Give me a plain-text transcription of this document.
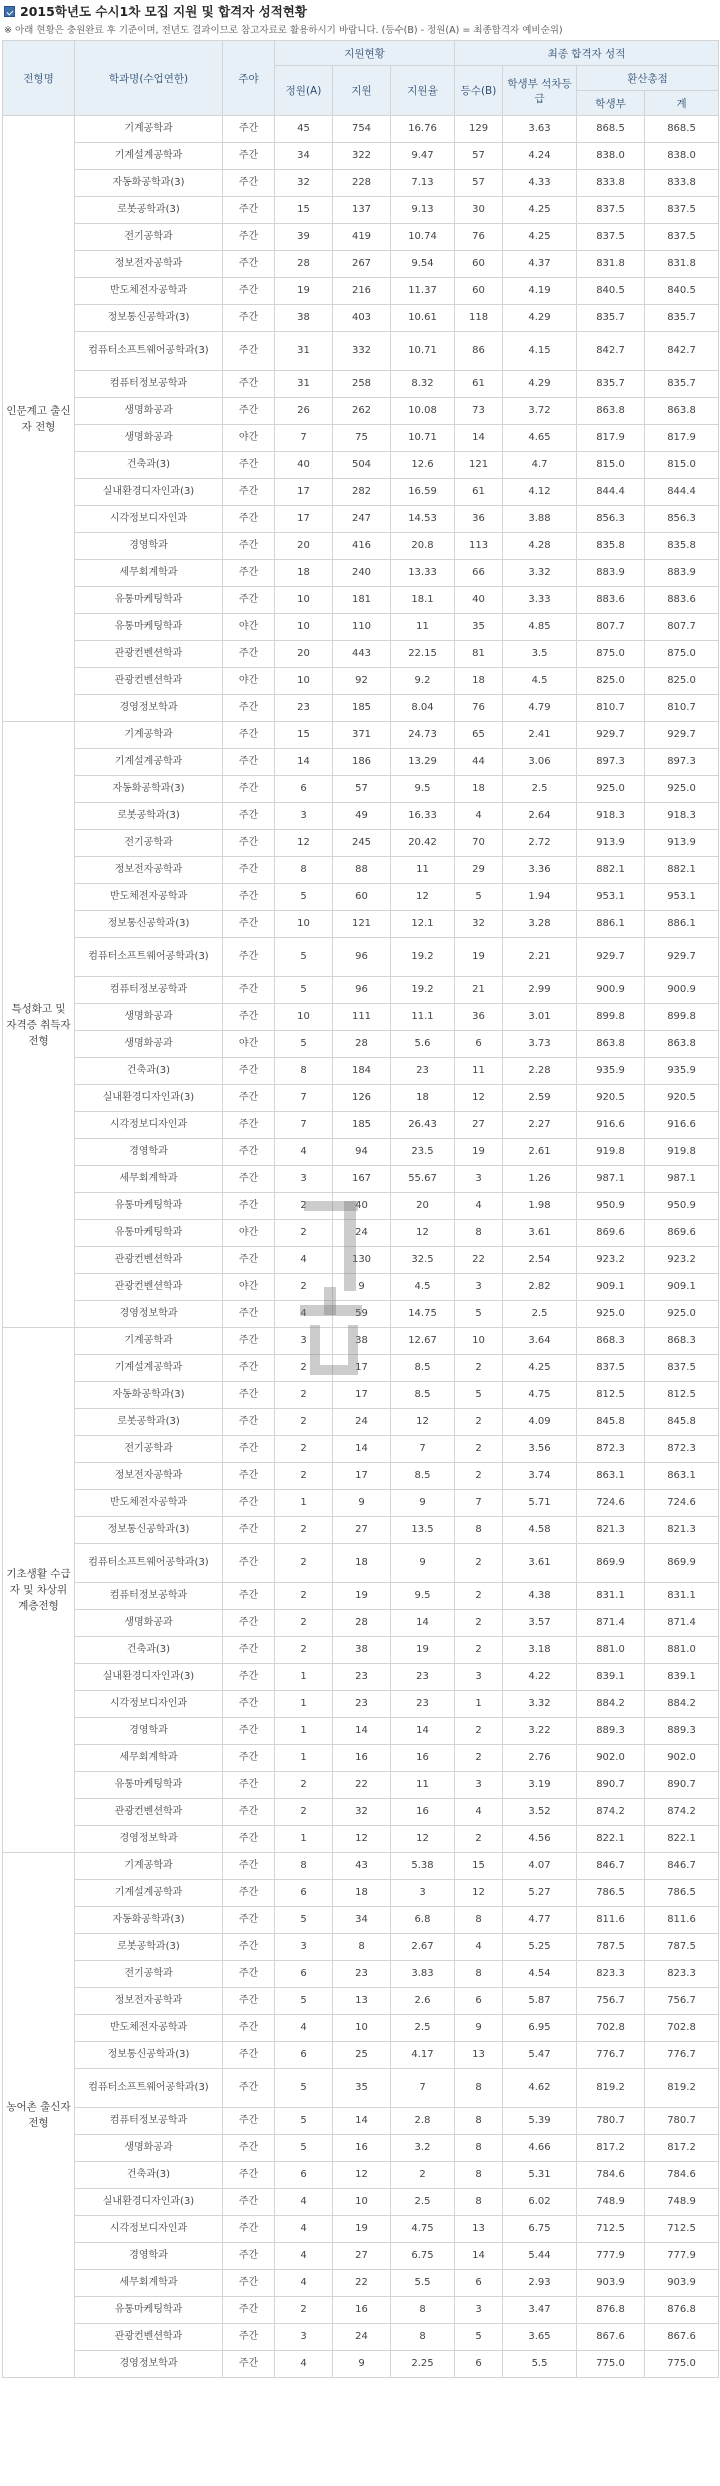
2015학년도 수시1차 모집 지원 및 합격자 성적현황
※ 아래 현황은 충원완료 후 기준이며, 전년도 결과이므로 참고자료로 활용하시기 바랍니다. (등수(B) - 정원(A) = 최종합격자 예비순위)
전형명	학과명(수업연한)	주야	지원현황			최종 합격자 성적			
			정원(A)	지원	지원율	등수(B)	학생부 석차등급	환산총점	
								학생부	계
인문계고 출신자 전형	기계공학과	주간	45	754	16.76	129	3.63	868.5	868.5
	기계설계공학과	주간	34	322	9.47	57	4.24	838.0	838.0
	자동화공학과(3)	주간	32	228	7.13	57	4.33	833.8	833.8
	로봇공학과(3)	주간	15	137	9.13	30	4.25	837.5	837.5
	전기공학과	주간	39	419	10.74	76	4.25	837.5	837.5
	정보전자공학과	주간	28	267	9.54	60	4.37	831.8	831.8
	반도체전자공학과	주간	19	216	11.37	60	4.19	840.5	840.5
	정보통신공학과(3)	주간	38	403	10.61	118	4.29	835.7	835.7
	컴퓨터소프트웨어공학과(3)	주간	31	332	10.71	86	4.15	842.7	842.7
	컴퓨터정보공학과	주간	31	258	8.32	61	4.29	835.7	835.7
	생명화공과	주간	26	262	10.08	73	3.72	863.8	863.8
	생명화공과	야간	7	75	10.71	14	4.65	817.9	817.9
	건축과(3)	주간	40	504	12.6	121	4.7	815.0	815.0
	실내환경디자인과(3)	주간	17	282	16.59	61	4.12	844.4	844.4
	시각정보디자인과	주간	17	247	14.53	36	3.88	856.3	856.3
	경영학과	주간	20	416	20.8	113	4.28	835.8	835.8
	세무회계학과	주간	18	240	13.33	66	3.32	883.9	883.9
	유통마케팅학과	주간	10	181	18.1	40	3.33	883.6	883.6
	유통마케팅학과	야간	10	110	11	35	4.85	807.7	807.7
	관광컨벤션학과	주간	20	443	22.15	81	3.5	875.0	875.0
	관광컨벤션학과	야간	10	92	9.2	18	4.5	825.0	825.0
	경영정보학과	주간	23	185	8.04	76	4.79	810.7	810.7
특성화고 및 자격증 취득자전형	기계공학과	주간	15	371	24.73	65	2.41	929.7	929.7
	기계설계공학과	주간	14	186	13.29	44	3.06	897.3	897.3
	자동화공학과(3)	주간	6	57	9.5	18	2.5	925.0	925.0
	로봇공학과(3)	주간	3	49	16.33	4	2.64	918.3	918.3
	전기공학과	주간	12	245	20.42	70	2.72	913.9	913.9
	정보전자공학과	주간	8	88	11	29	3.36	882.1	882.1
	반도체전자공학과	주간	5	60	12	5	1.94	953.1	953.1
	정보통신공학과(3)	주간	10	121	12.1	32	3.28	886.1	886.1
	컴퓨터소프트웨어공학과(3)	주간	5	96	19.2	19	2.21	929.7	929.7
	컴퓨터정보공학과	주간	5	96	19.2	21	2.99	900.9	900.9
	생명화공과	주간	10	111	11.1	36	3.01	899.8	899.8
	생명화공과	야간	5	28	5.6	6	3.73	863.8	863.8
	건축과(3)	주간	8	184	23	11	2.28	935.9	935.9
	실내환경디자인과(3)	주간	7	126	18	12	2.59	920.5	920.5
	시각정보디자인과	주간	7	185	26.43	27	2.27	916.6	916.6
	경영학과	주간	4	94	23.5	19	2.61	919.8	919.8
	세무회계학과	주간	3	167	55.67	3	1.26	987.1	987.1
	유통마케팅학과	주간	2	40	20	4	1.98	950.9	950.9
	유통마케팅학과	야간	2	24	12	8	3.61	869.6	869.6
	관광컨벤션학과	주간	4	130	32.5	22	2.54	923.2	923.2
	관광컨벤션학과	야간	2	9	4.5	3	2.82	909.1	909.1
	경영정보학과	주간	4	59	14.75	5	2.5	925.0	925.0
기초생활 수급자 및 차상위 계층전형	기계공학과	주간	3	38	12.67	10	3.64	868.3	868.3
	기계설계공학과	주간	2	17	8.5	2	4.25	837.5	837.5
	자동화공학과(3)	주간	2	17	8.5	5	4.75	812.5	812.5
	로봇공학과(3)	주간	2	24	12	2	4.09	845.8	845.8
	전기공학과	주간	2	14	7	2	3.56	872.3	872.3
	정보전자공학과	주간	2	17	8.5	2	3.74	863.1	863.1
	반도체전자공학과	주간	1	9	9	7	5.71	724.6	724.6
	정보통신공학과(3)	주간	2	27	13.5	8	4.58	821.3	821.3
	컴퓨터소프트웨어공학과(3)	주간	2	18	9	2	3.61	869.9	869.9
	컴퓨터정보공학과	주간	2	19	9.5	2	4.38	831.1	831.1
	생명화공과	주간	2	28	14	2	3.57	871.4	871.4
	건축과(3)	주간	2	38	19	2	3.18	881.0	881.0
	실내환경디자인과(3)	주간	1	23	23	3	4.22	839.1	839.1
	시각정보디자인과	주간	1	23	23	1	3.32	884.2	884.2
	경영학과	주간	1	14	14	2	3.22	889.3	889.3
	세무회계학과	주간	1	16	16	2	2.76	902.0	902.0
	유통마케팅학과	주간	2	22	11	3	3.19	890.7	890.7
	관광컨벤션학과	주간	2	32	16	4	3.52	874.2	874.2
	경영정보학과	주간	1	12	12	2	4.56	822.1	822.1
농어촌 출신자 전형	기계공학과	주간	8	43	5.38	15	4.07	846.7	846.7
	기계설계공학과	주간	6	18	3	12	5.27	786.5	786.5
	자동화공학과(3)	주간	5	34	6.8	8	4.77	811.6	811.6
	로봇공학과(3)	주간	3	8	2.67	4	5.25	787.5	787.5
	전기공학과	주간	6	23	3.83	8	4.54	823.3	823.3
	정보전자공학과	주간	5	13	2.6	6	5.87	756.7	756.7
	반도체전자공학과	주간	4	10	2.5	9	6.95	702.8	702.8
	정보통신공학과(3)	주간	6	25	4.17	13	5.47	776.7	776.7
	컴퓨터소프트웨어공학과(3)	주간	5	35	7	8	4.62	819.2	819.2
	컴퓨터정보공학과	주간	5	14	2.8	8	5.39	780.7	780.7
	생명화공과	주간	5	16	3.2	8	4.66	817.2	817.2
	건축과(3)	주간	6	12	2	8	5.31	784.6	784.6
	실내환경디자인과(3)	주간	4	10	2.5	8	6.02	748.9	748.9
	시각정보디자인과	주간	4	19	4.75	13	6.75	712.5	712.5
	경영학과	주간	4	27	6.75	14	5.44	777.9	777.9
	세무회계학과	주간	4	22	5.5	6	2.93	903.9	903.9
	유통마케팅학과	주간	2	16	8	3	3.47	876.8	876.8
	관광컨벤션학과	주간	3	24	8	5	3.65	867.6	867.6
	경영정보학과	주간	4	9	2.25	6	5.5	775.0	775.0
